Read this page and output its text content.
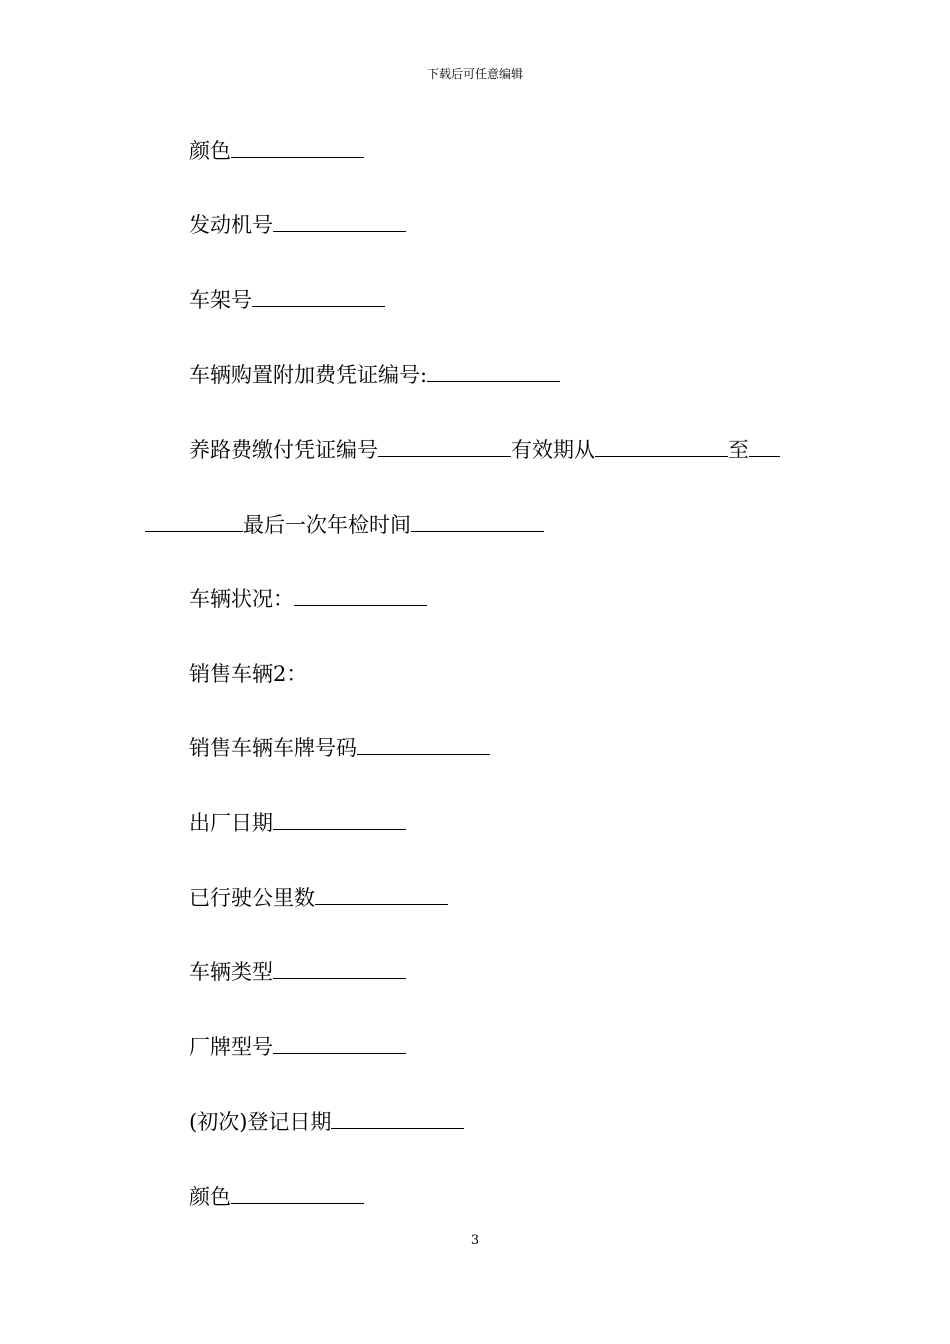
下载后可任意编辑
颜色
发动机号
车架号
车辆购置附加费凭证编号:
养路费缴付凭证编号	有效期从	至
最后一次年检时间
车辆状况：
销售车辆2：
销售车辆车牌号码
出厂日期
已行驶公里数
车辆类型
厂牌型号
(初次)登记日期
颜色
3
